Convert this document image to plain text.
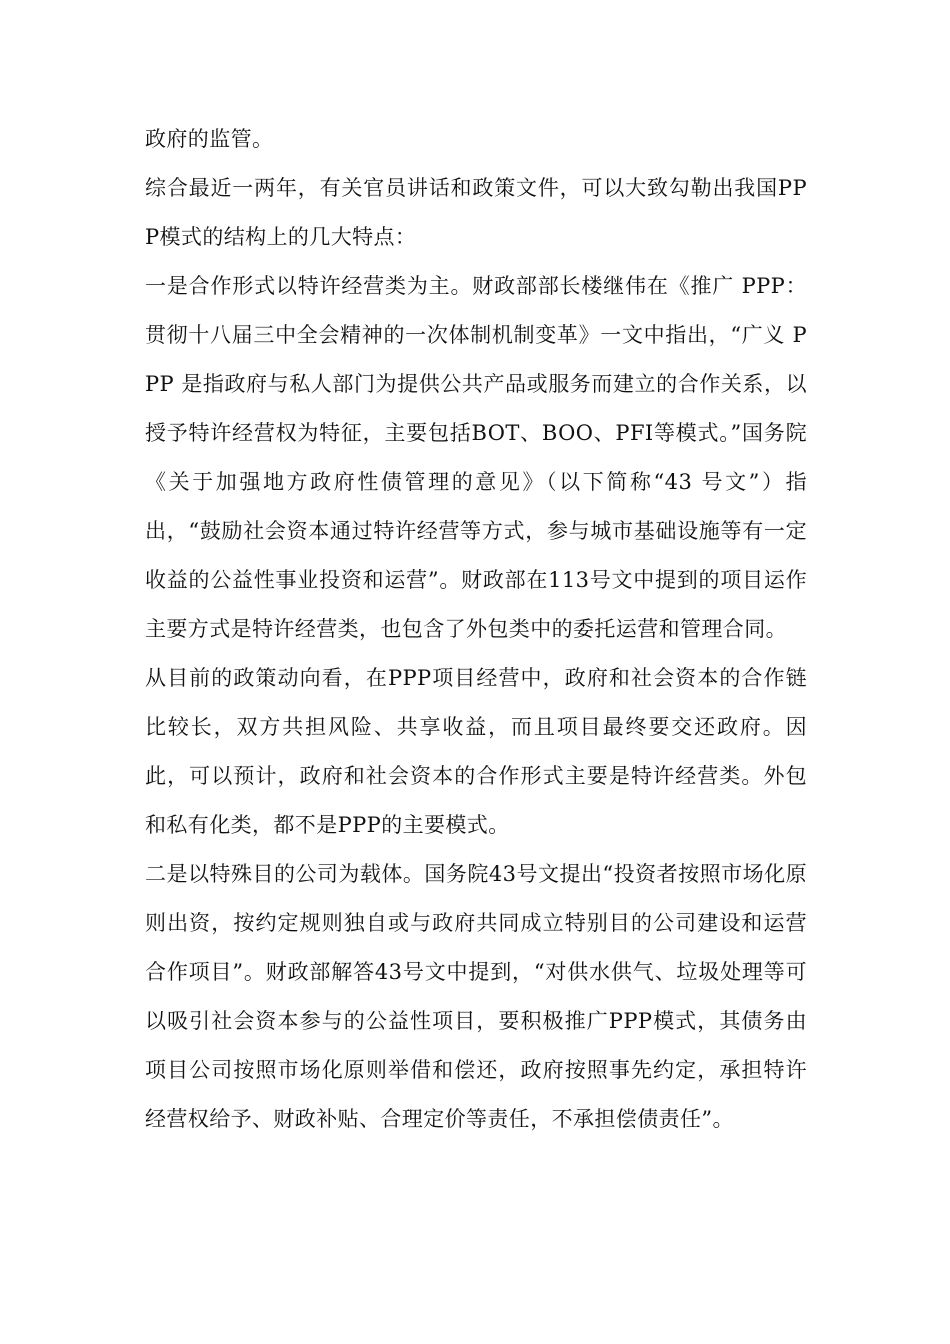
政府的监管。

综合最近一两年，有关官员讲话和政策文件，可以大致勾勒出我国PPP模式的结构上的几大特点：

一是合作形式以特许经营类为主。财政部部长楼继伟在《推广 PPP：贯彻十八届三中全会精神的一次体制机制变革》一文中指出，“广义 PPP 是指政府与私人部门为提供公共产品或服务而建立的合作关系，以授予特许经营权为特征，主要包括BOT、BOO、PFI等模式。”国务院《关于加强地方政府性债管理的意见》（以下简称“43 号文”）指出，“鼓励社会资本通过特许经营等方式，参与城市基础设施等有一定收益的公益性事业投资和运营”。财政部在113号文中提到的项目运作主要方式是特许经营类，也包含了外包类中的委托运营和管理合同。

从目前的政策动向看，在PPP项目经营中，政府和社会资本的合作链比较长，双方共担风险、共享收益，而且项目最终要交还政府。因此，可以预计，政府和社会资本的合作形式主要是特许经营类。外包和私有化类，都不是PPP的主要模式。

二是以特殊目的公司为载体。国务院43号文提出“投资者按照市场化原则出资，按约定规则独自或与政府共同成立特别目的公司建设和运营合作项目”。财政部解答43号文中提到，“对供水供气、垃圾处理等可以吸引社会资本参与的公益性项目，要积极推广PPP模式，其债务由项目公司按照市场化原则举借和偿还，政府按照事先约定，承担特许经营权给予、财政补贴、合理定价等责任，不承担偿债责任”。
